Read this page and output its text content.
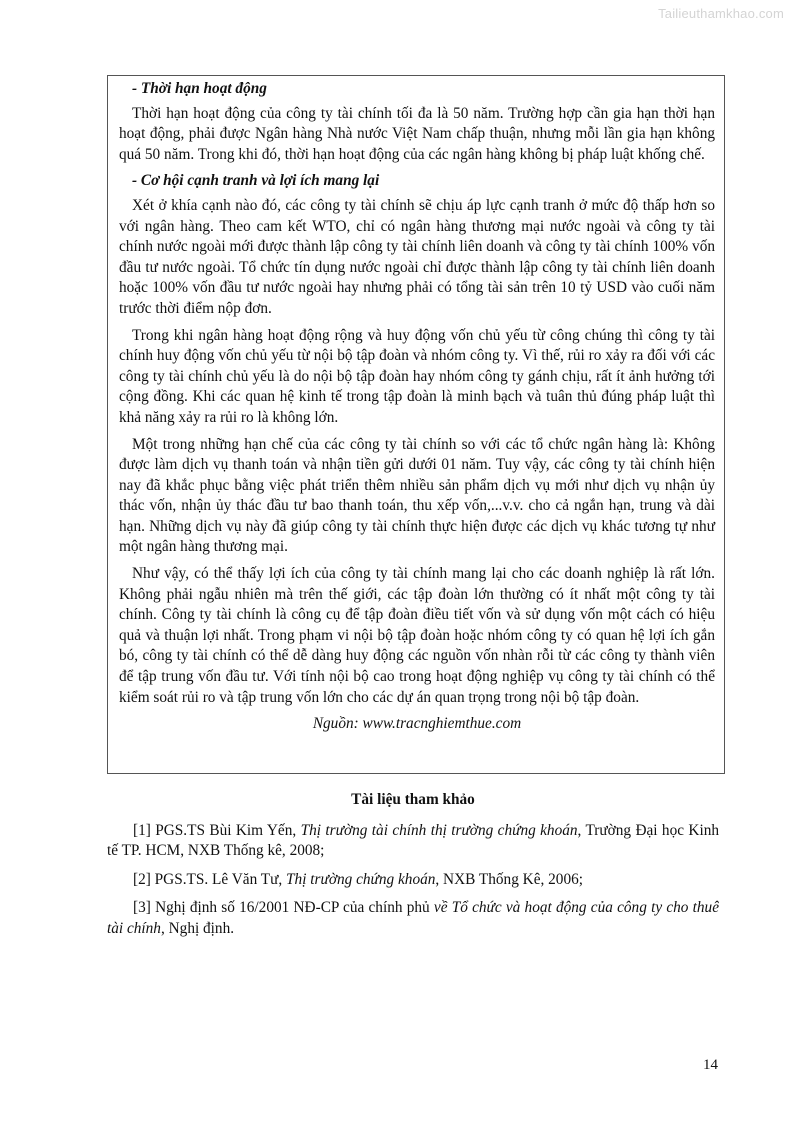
Tailieuthamkhao.com

- Thời hạn hoạt động

Thời hạn hoạt động của công ty tài chính tối đa là 50 năm. Trường hợp cần gia hạn thời hạn hoạt động, phải được Ngân hàng Nhà nước Việt Nam chấp thuận, nhưng mỗi lần gia hạn không quá 50 năm. Trong khi đó, thời hạn hoạt động của các ngân hàng không bị pháp luật khống chế.

- Cơ hội cạnh tranh và lợi ích mang lại

Xét ở khía cạnh nào đó, các công ty tài chính sẽ chịu áp lực cạnh tranh ở mức độ thấp hơn so với ngân hàng. Theo cam kết WTO, chỉ có ngân hàng thương mại nước ngoài và công ty tài chính nước ngoài mới được thành lập công ty tài chính liên doanh và công ty tài chính 100% vốn đầu tư nước ngoài. Tổ chức tín dụng nước ngoài chỉ được thành lập công ty tài chính liên doanh hoặc 100% vốn đầu tư nước ngoài hay nhưng phải có tổng tài sản trên 10 tỷ USD vào cuối năm trước thời điểm nộp đơn.

Trong khi ngân hàng hoạt động rộng và huy động vốn chủ yếu từ công chúng thì công ty tài chính huy động vốn chủ yếu từ nội bộ tập đoàn và nhóm công ty. Vì thế, rủi ro xảy ra đối với các công ty tài chính chủ yếu là do nội bộ tập đoàn hay nhóm công ty gánh chịu, rất ít ảnh hưởng tới cộng đồng. Khi các quan hệ kinh tế trong tập đoàn là minh bạch và tuân thủ đúng pháp luật thì khả năng xảy ra rủi ro là không lớn.

Một trong những hạn chế của các công ty tài chính so với các tổ chức ngân hàng là: Không được làm dịch vụ thanh toán và nhận tiền gửi dưới 01 năm. Tuy vậy, các công ty tài chính hiện nay đã khắc phục bằng việc phát triển thêm nhiều sản phẩm dịch vụ mới như dịch vụ nhận ủy thác vốn, nhận ủy thác đầu tư bao thanh toán, thu xếp vốn,...v.v. cho cả ngắn hạn, trung và dài hạn. Những dịch vụ này đã giúp công ty tài chính thực hiện được các dịch vụ khác tương tự như một ngân hàng thương mại.

Như vậy, có thể thấy lợi ích của công ty tài chính mang lại cho các doanh nghiệp là rất lớn. Không phải ngẫu nhiên mà trên thế giới, các tập đoàn lớn thường có ít nhất một công ty tài chính. Công ty tài chính là công cụ để tập đoàn điều tiết vốn và sử dụng vốn một cách có hiệu quả và thuận lợi nhất. Trong phạm vi nội bộ tập đoàn hoặc nhóm công ty có quan hệ lợi ích gắn bó, công ty tài chính có thể dễ dàng huy động các nguồn vốn nhàn rỗi từ các công ty thành viên để tập trung vốn đầu tư. Với tính nội bộ cao trong hoạt động nghiệp vụ công ty tài chính có thể kiểm soát rủi ro và tập trung vốn lớn cho các dự án quan trọng trong nội bộ tập đoàn.

Nguồn: www.tracnghiemthue.com

Tài liệu tham khảo

[1] PGS.TS Bùi Kim Yến, Thị trường tài chính thị trường chứng khoán, Trường Đại học Kinh tế TP. HCM, NXB Thống kê, 2008;

[2] PGS.TS. Lê Văn Tư, Thị trường chứng khoán, NXB Thống Kê, 2006;

[3] Nghị định số 16/2001 NĐ-CP của chính phủ về Tổ chức và hoạt động của công ty cho thuê tài chính, Nghị định.

14
